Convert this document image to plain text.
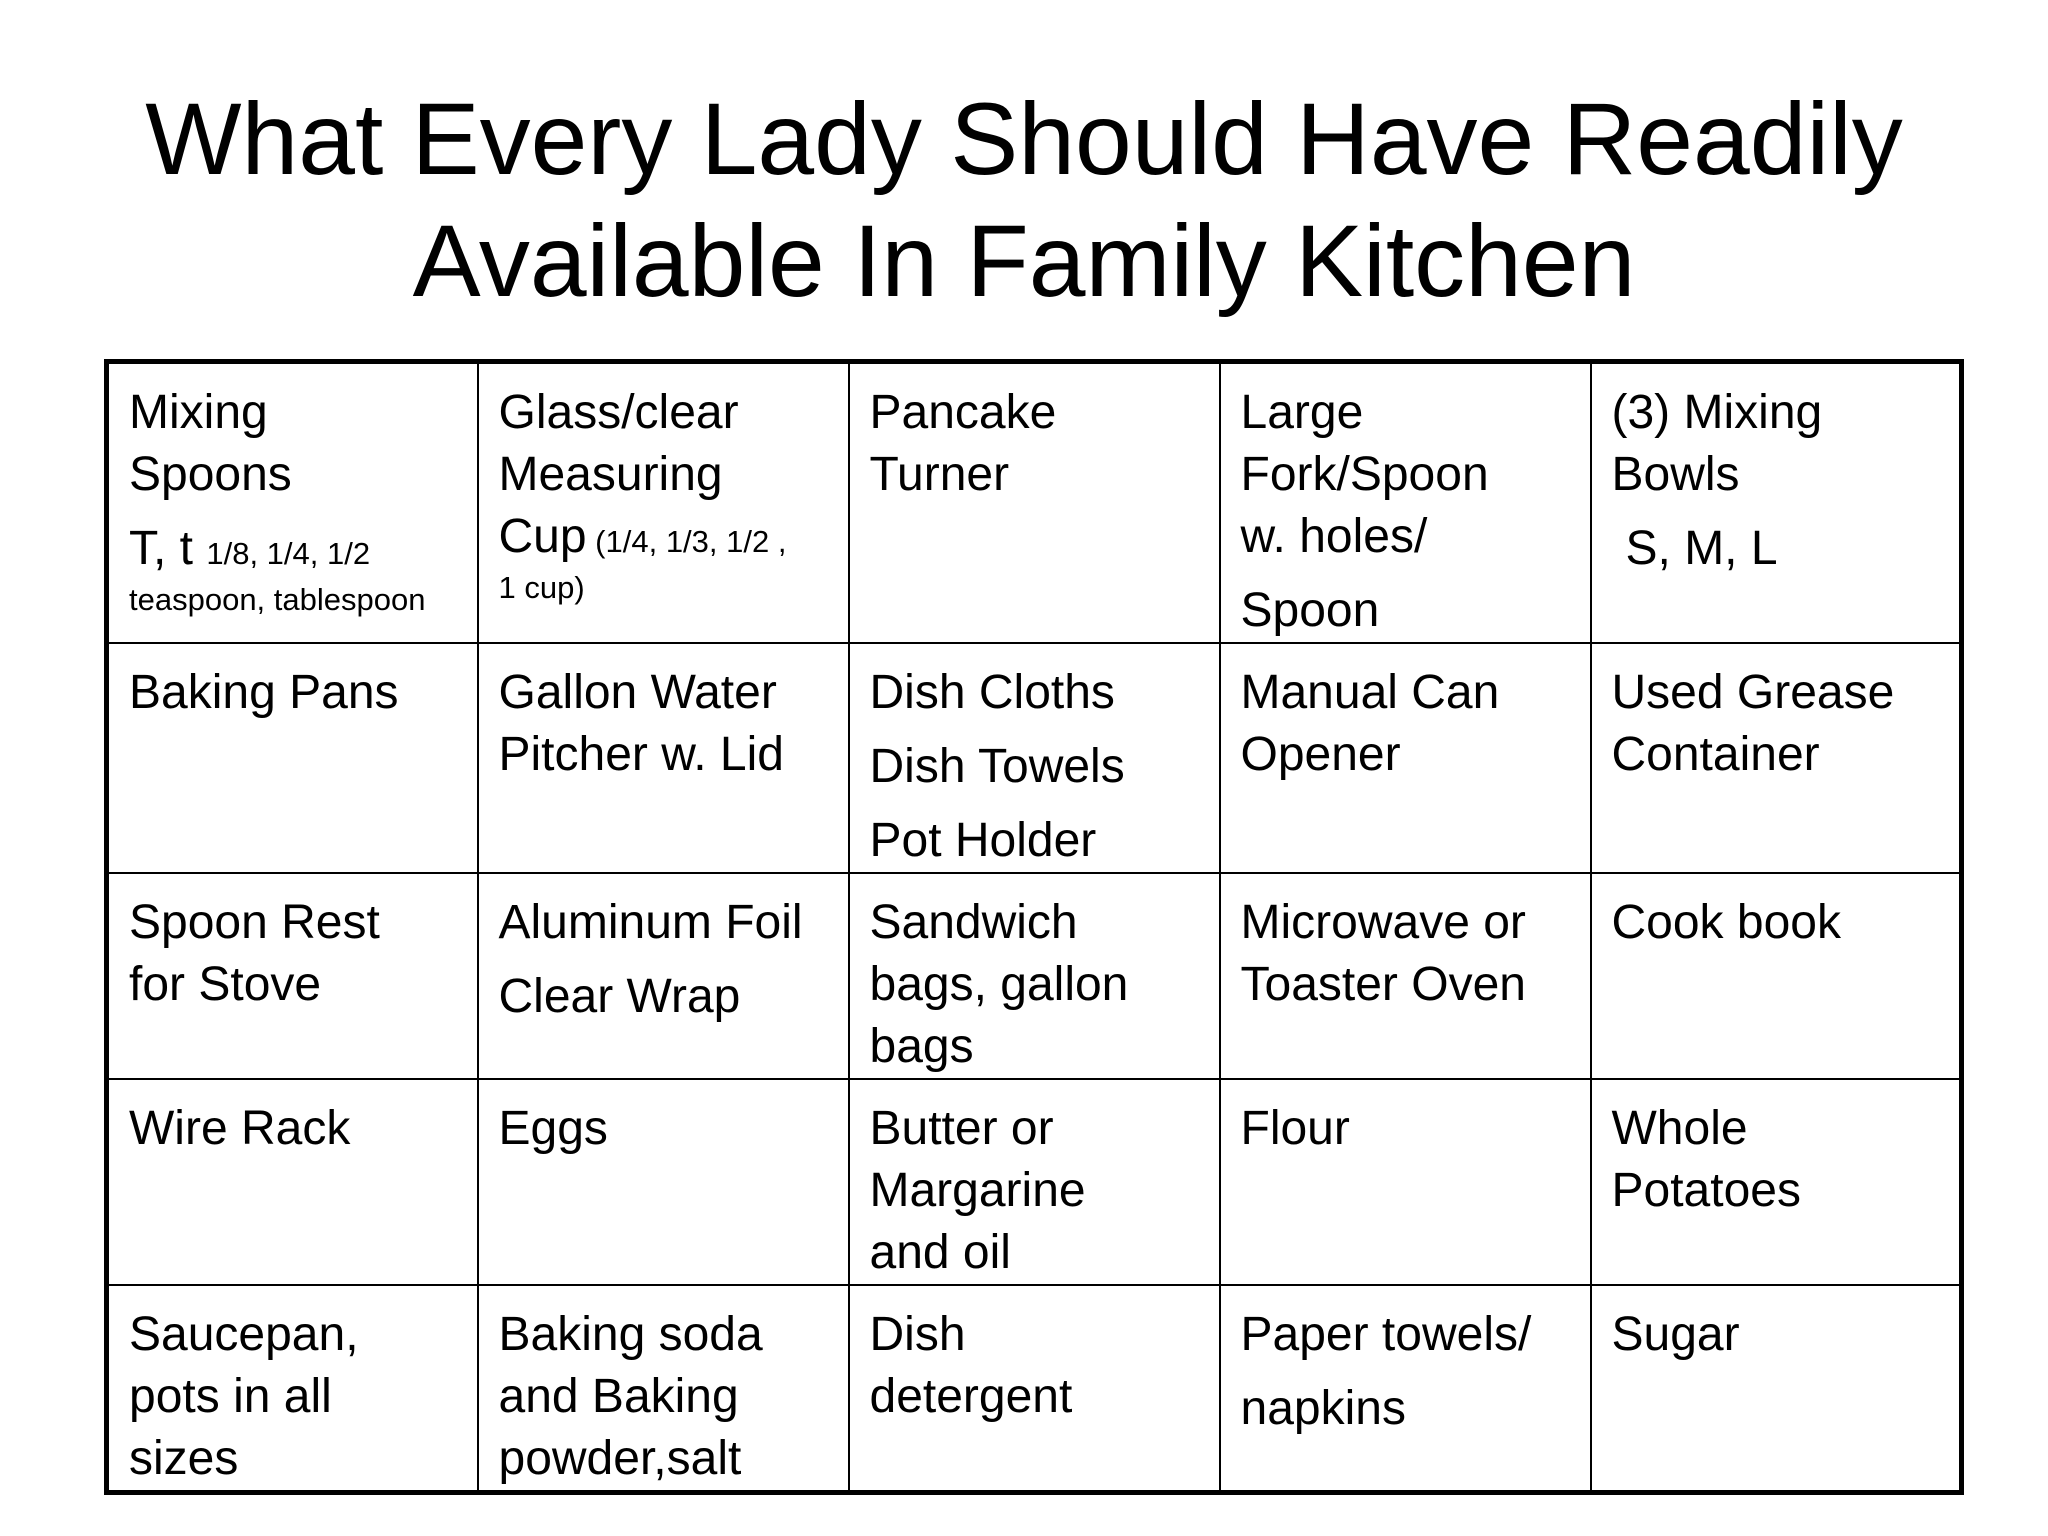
What Every Lady Should Have Readily
Available In Family Kitchen
Mixing
Spoons
T, t 1/8, 1/4, 1/2
teaspoon, tablespoon	Glass/clear
Measuring
Cup (1/4, 1/3, 1/2 ,
1 cup)	Pancake
Turner	Large
Fork/Spoon
w. holes/
Spoon	(3) Mixing
Bowls
S, M, L

Baking Pans	Gallon Water
Pitcher w. Lid	Dish Cloths
Dish Towels
Pot Holder	Manual Can
Opener	Used Grease
Container

Spoon Rest
for Stove	Aluminum Foil
Clear Wrap	Sandwich
bags, gallon
bags	Microwave or
Toaster Oven	Cook book

Wire Rack	Eggs	Butter or
Margarine
and oil	Flour	Whole
Potatoes

Saucepan,
pots in all
sizes	Baking soda
and Baking
powder,salt	Dish
detergent	Paper towels/
napkins	Sugar
